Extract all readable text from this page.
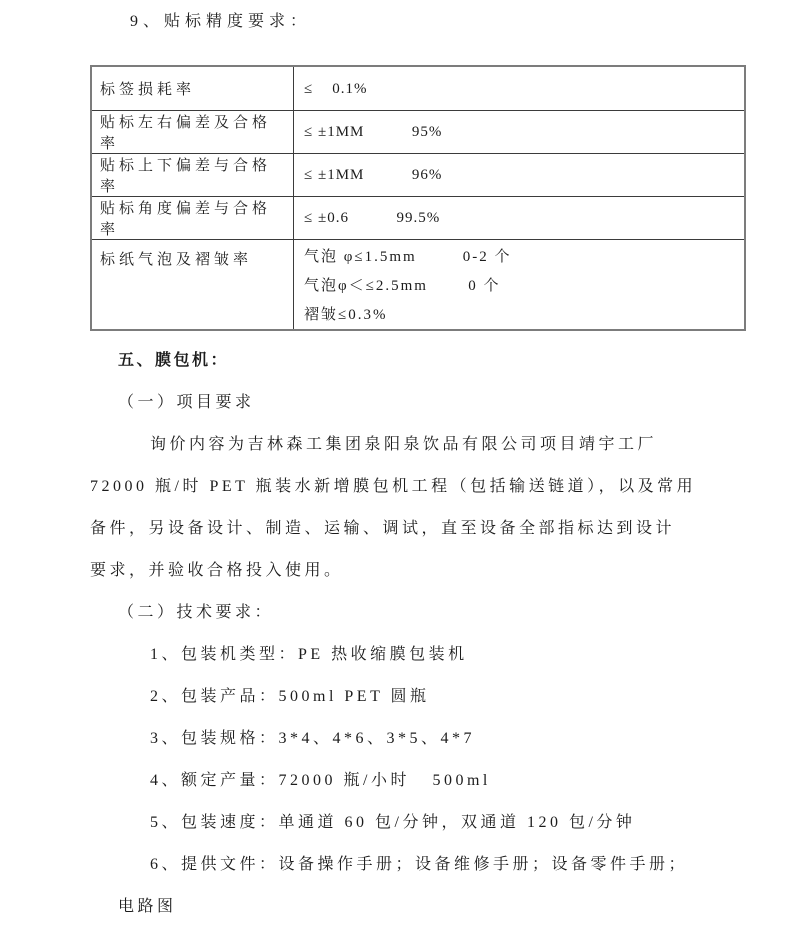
9、贴标精度要求：
标签损耗率	≤    0.1%
贴标左右偏差及合格率
≤ ±1MM          95%
贴标上下偏差与合格率
≤ ±1MM          96%
贴标角度偏差与合格率
≤ ±0.6          99.5%
标纸气泡及褶皱率	气泡 φ≤1.5mm        0-2 个
气泡φ＜≤2.5mm       0 个
褶皱≤0.3%
五、膜包机：
（一）项目要求
询价内容为吉林森工集团泉阳泉饮品有限公司项目靖宇工厂
72000 瓶/时 PET 瓶装水新增膜包机工程（包括输送链道），以及常用
备件，另设备设计、制造、运输、调试，直至设备全部指标达到设计
要求，并验收合格投入使用。
（二）技术要求：
1、包装机类型：PE 热收缩膜包装机
2、包装产品：500ml PET 圆瓶
3、包装规格：3*4、4*6、3*5、4*7
4、额定产量：72000 瓶/小时   500ml
5、包装速度：单通道 60 包/分钟，双通道 120 包/分钟
6、提供文件：设备操作手册；设备维修手册；设备零件手册；
电路图
